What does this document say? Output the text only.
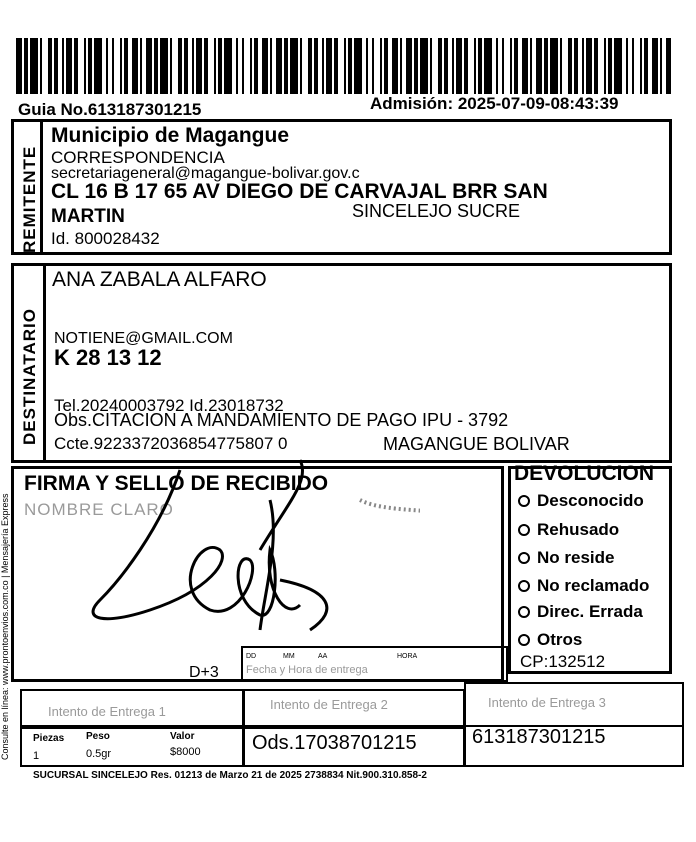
Guia No.613187301215	Admisión: 2025-07-09-08:43:39
REMITENTE
Municipio de Magangue
CORRESPONDENCIA
secretariageneral@magangue-bolivar.gov.c
CL 16 B 17 65 AV DIEGO DE CARVAJAL BRR SAN
MARTIN	SINCELEJO SUCRE
Id. 800028432
DESTINATARIO
ANA ZABALA ALFARO
NOTIENE@GMAIL.COM
K 28 13 12
Tel.20240003792 Id.23018732
Obs.CITACION A MANDAMIENTO DE PAGO IPU - 3792
Ccte.9223372036854775807 0	MAGANGUE BOLIVAR
Consulte en línea: www.prontoenvios.com.co | Mensajería Express
FIRMA Y SELLO DE RECIBIDO
NOMBRE CLARO
D+3
DD	MM	AA	HORA
Fecha y Hora de entrega
DEVOLUCION
Desconocido
Rehusado
No reside
No reclamado
Direc. Errada
Otros
CP:132512
Intento de Entrega 1	Intento de Entrega 2	Intento de Entrega 3
Piezas Peso	Valor
1	0.5gr	$8000	Ods.17038701215	613187301215
SUCURSAL SINCELEJO Res. 01213 de Marzo 21 de 2025 2738834 Nit.900.310.858-2
